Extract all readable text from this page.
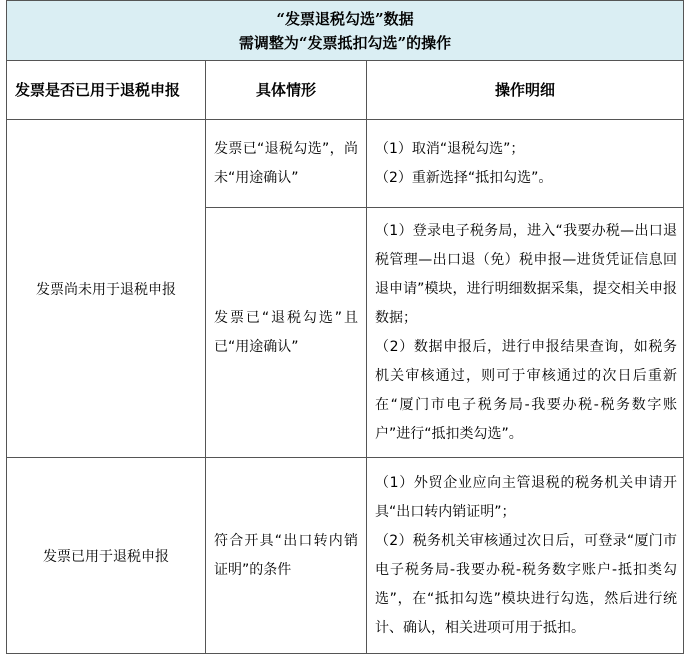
“发票退税勾选”数据
需调整为“发票抵扣勾选”的操作		

发票是否已用于退税申报	具体情形	操作明细
发票尚未用于退税申报	发票已“退税勾选”，尚未“用途确认”	（1）取消“退税勾选”；

（2）重新选择“抵扣勾选”。

	发票已“退税勾选”且已“用途确认”	（1）登录电子税务局，进入“我要办税—出口退税管理—出口退（免）税申报—进货凭证信息回退申请”模块，进行明细数据采集，提交相关申报数据；

（2）数据申报后，进行申报结果查询，如税务机关审核通过，则可于审核通过的次日后重新在“厦门市电子税务局-我要办税-税务数字账户”进行“抵扣类勾选”。

发票已用于退税申报	符合开具“出口转内销证明”的条件	（1）外贸企业应向主管退税的税务机关申请开具“出口转内销证明”；

（2）税务机关审核通过次日后，可登录“厦门市电子税务局-我要办税-税务数字账户-抵扣类勾选”，在“抵扣勾选”模块进行勾选，然后进行统计、确认，相关进项可用于抵扣。
